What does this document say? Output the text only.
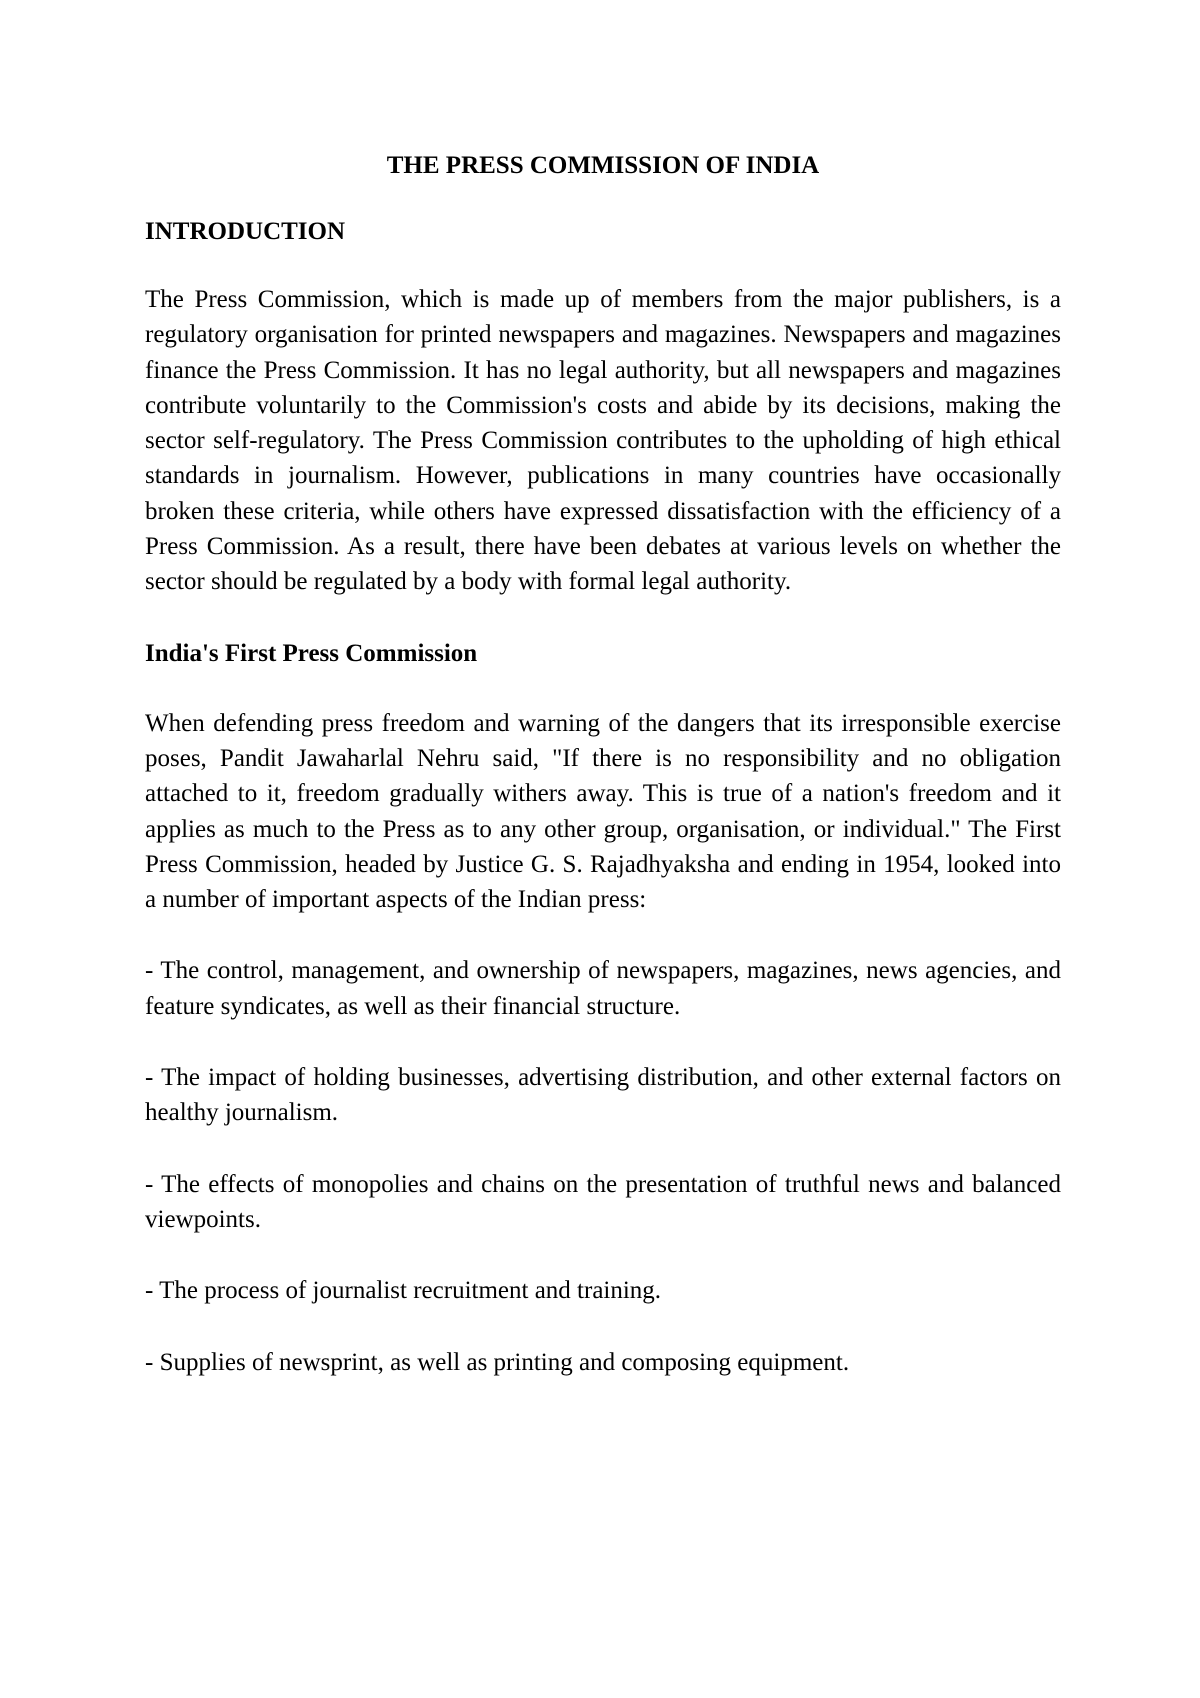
THE PRESS COMMISSION OF INDIA

INTRODUCTION

The Press Commission, which is made up of members from the major publishers, is a regulatory organisation for printed newspapers and magazines. Newspapers and magazines finance the Press Commission. It has no legal authority, but all newspapers and magazines contribute voluntarily to the Commission's costs and abide by its decisions, making the sector self-regulatory. The Press Commission contributes to the upholding of high ethical standards in journalism. However, publications in many countries have occasionally broken these criteria, while others have expressed dissatisfaction with the efficiency of a Press Commission. As a result, there have been debates at various levels on whether the sector should be regulated by a body with formal legal authority.

India's First Press Commission

When defending press freedom and warning of the dangers that its irresponsible exercise poses, Pandit Jawaharlal Nehru said, "If there is no responsibility and no obligation attached to it, freedom gradually withers away. This is true of a nation's freedom and it applies as much to the Press as to any other group, organisation, or individual." The First Press Commission, headed by Justice G. S. Rajadhyaksha and ending in 1954, looked into a number of important aspects of the Indian press:

- The control, management, and ownership of newspapers, magazines, news agencies, and feature syndicates, as well as their financial structure.

- The impact of holding businesses, advertising distribution, and other external factors on healthy journalism.

- The effects of monopolies and chains on the presentation of truthful news and balanced viewpoints.

- The process of journalist recruitment and training.

- Supplies of newsprint, as well as printing and composing equipment.
